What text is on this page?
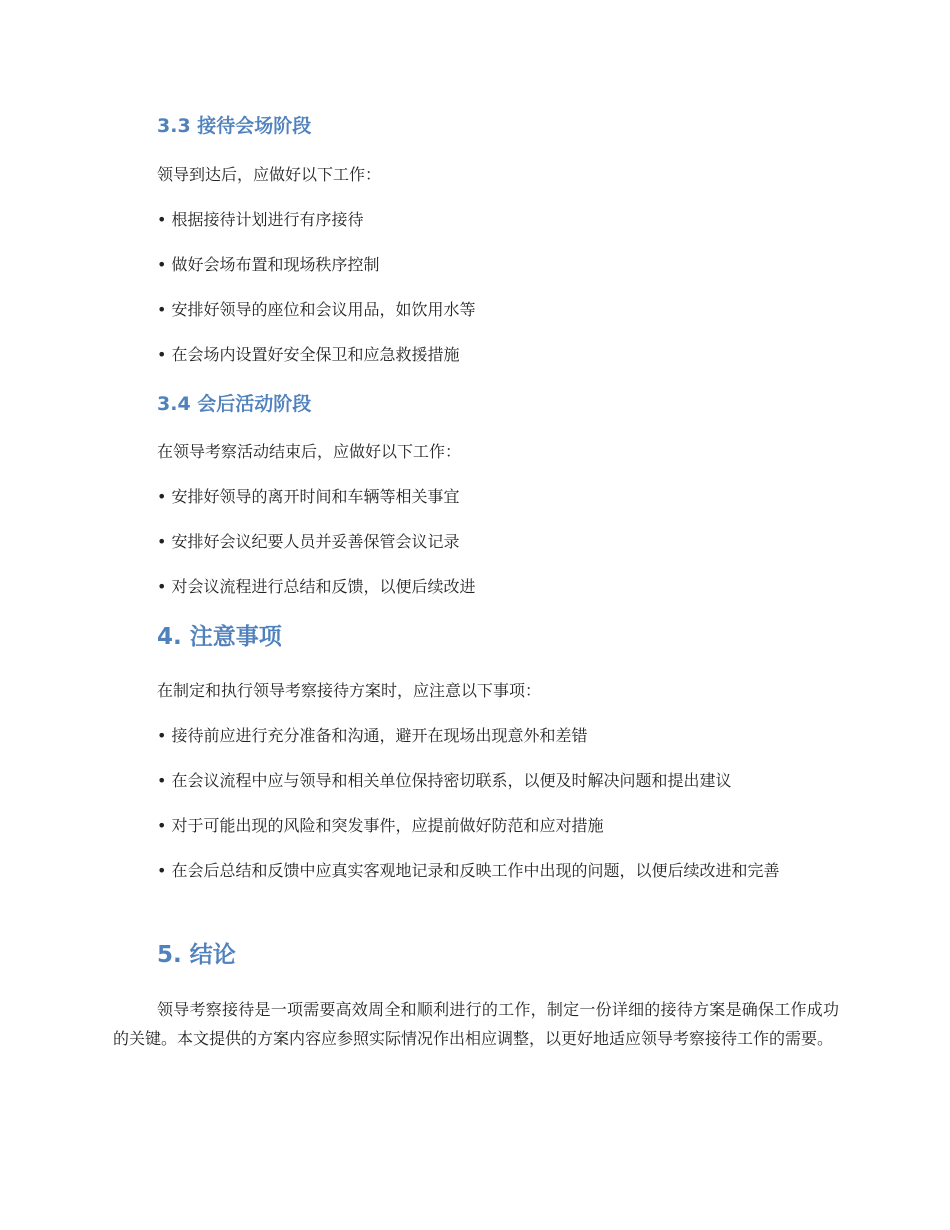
3.3 接待会场阶段

领导到达后，应做好以下工作：

• 根据接待计划进行有序接待

• 做好会场布置和现场秩序控制

• 安排好领导的座位和会议用品，如饮用水等

• 在会场内设置好安全保卫和应急救援措施

3.4 会后活动阶段

在领导考察活动结束后，应做好以下工作：

• 安排好领导的离开时间和车辆等相关事宜

• 安排好会议纪要人员并妥善保管会议记录

• 对会议流程进行总结和反馈，以便后续改进

4. 注意事项

在制定和执行领导考察接待方案时，应注意以下事项：

• 接待前应进行充分准备和沟通，避开在现场出现意外和差错

• 在会议流程中应与领导和相关单位保持密切联系，以便及时解决问题和提出建议

• 对于可能出现的风险和突发事件，应提前做好防范和应对措施

• 在会后总结和反馈中应真实客观地记录和反映工作中出现的问题，以便后续改进和完善

5. 结论

领导考察接待是一项需要高效周全和顺利进行的工作，制定一份详细的接待方案是确保工作成功的关键。本文提供的方案内容应参照实际情况作出相应调整，以更好地适应领导考察接待工作的需要。
